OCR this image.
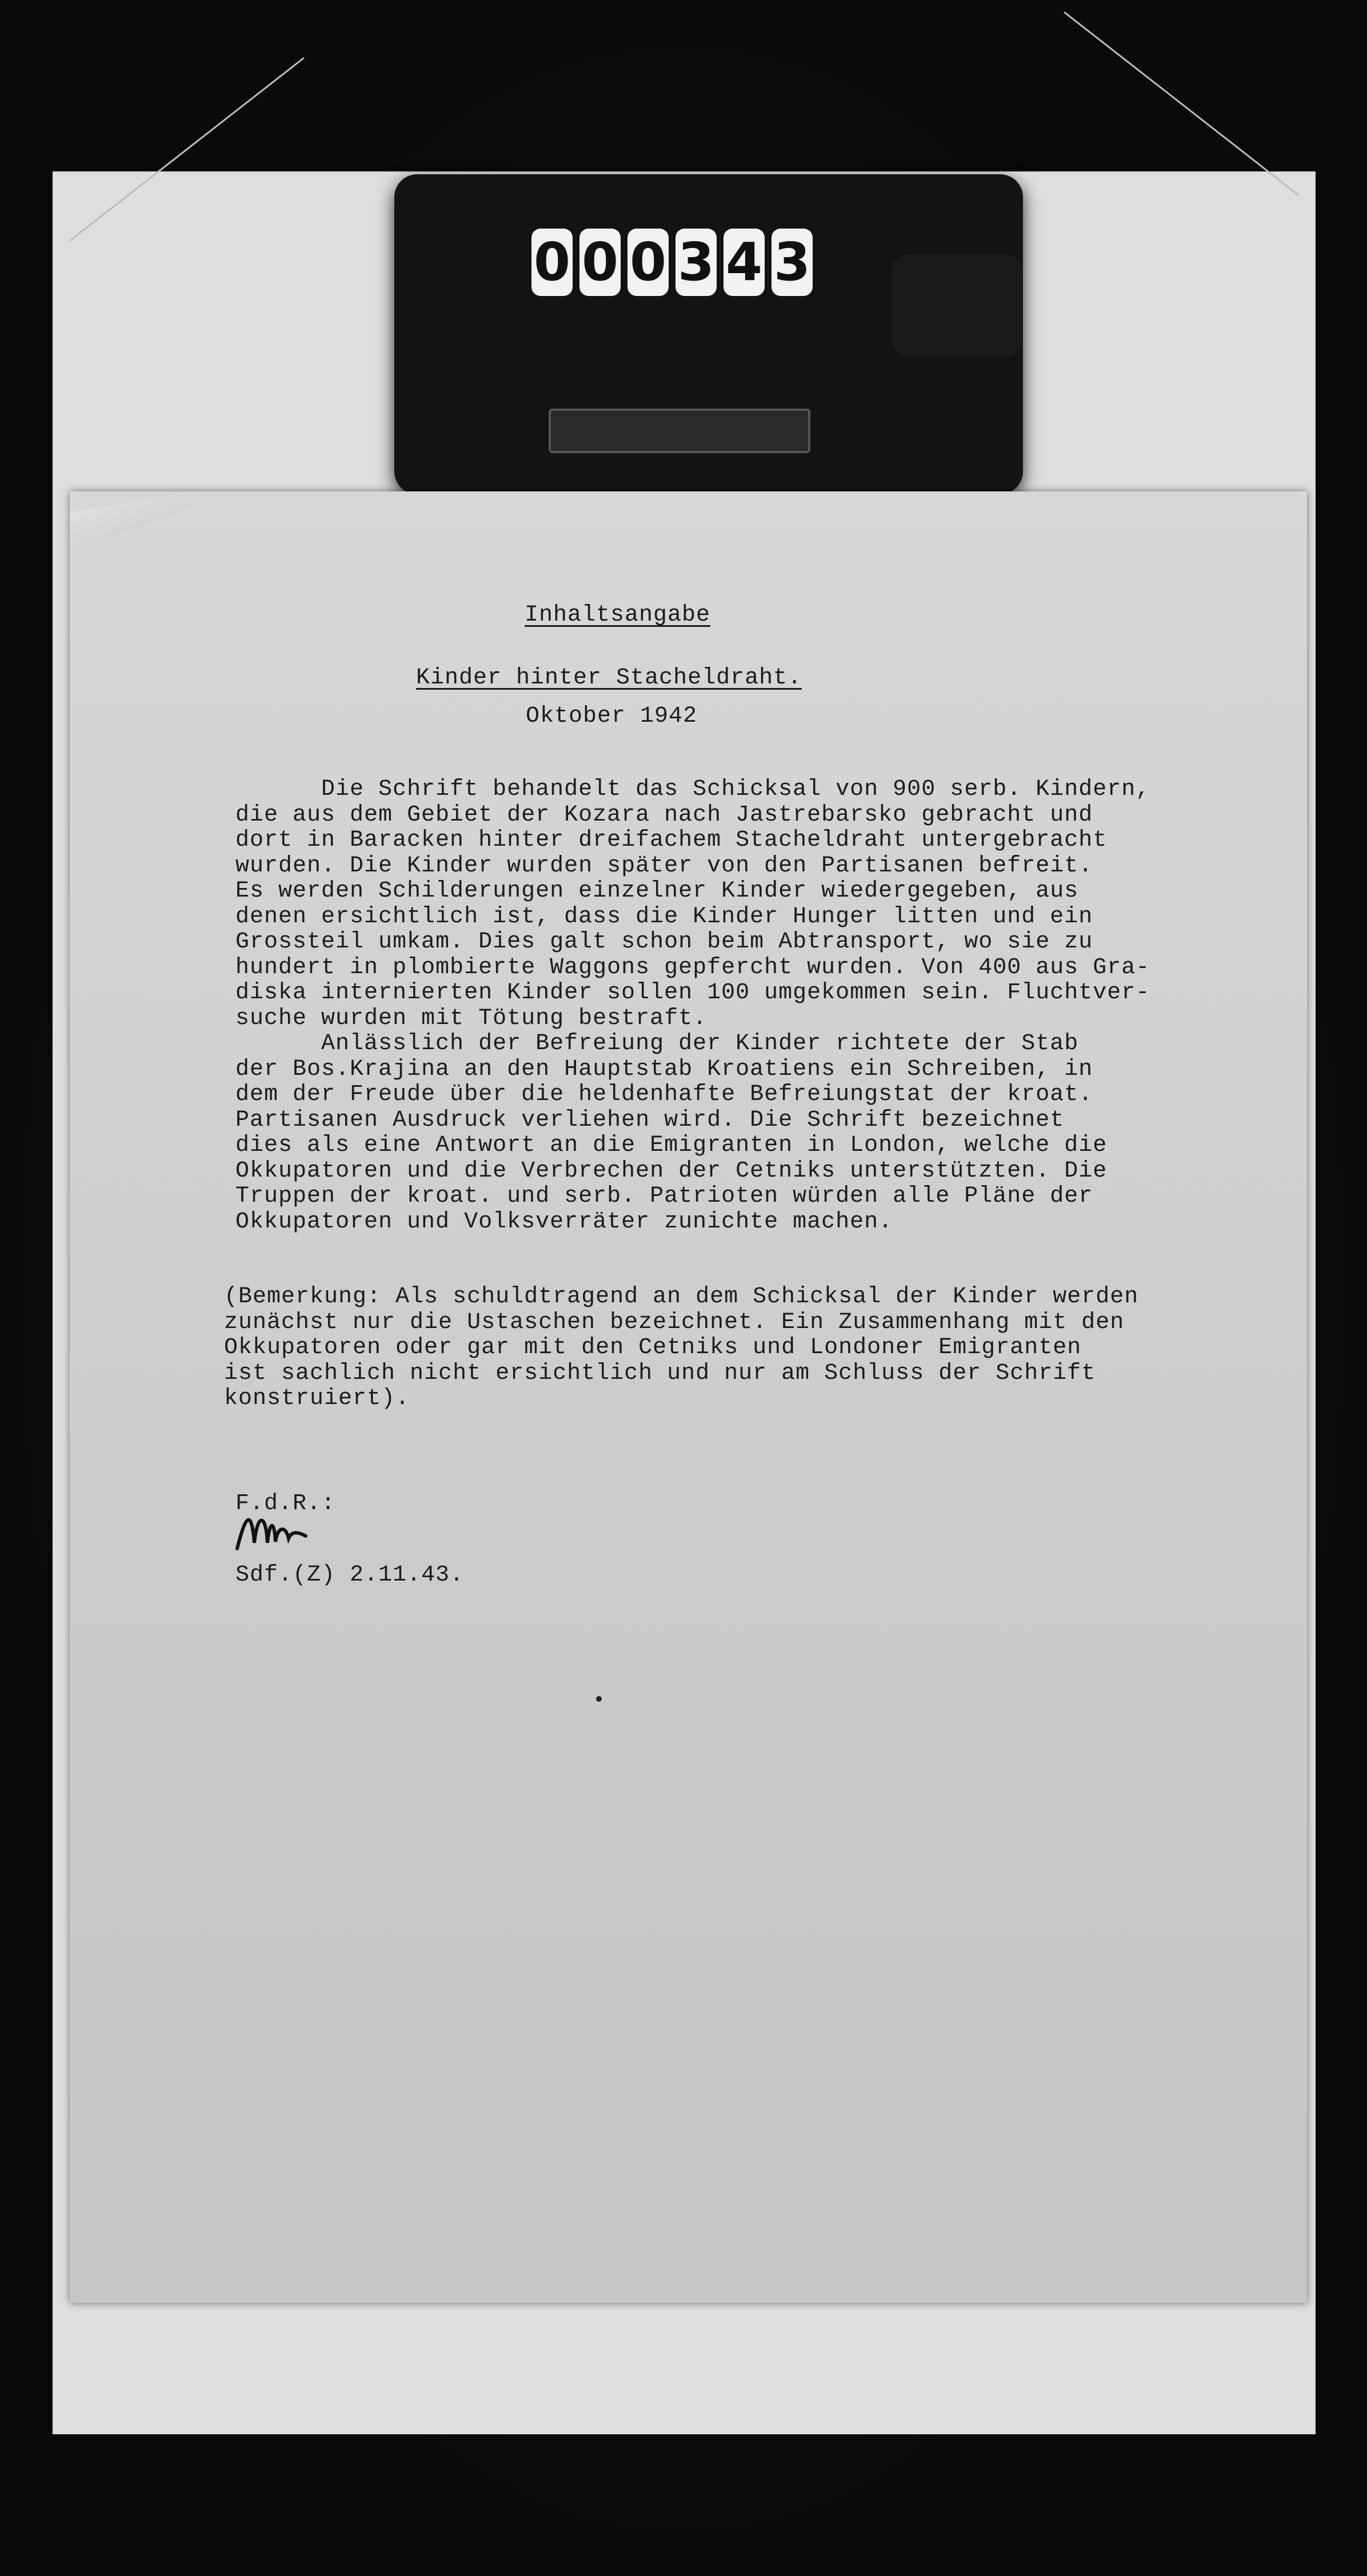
0 0 0 3 4 3
Inhaltsangabe
Kinder hinter Stacheldraht.
Oktober 1942
Die Schrift behandelt das Schicksal von 900 serb. Kindern,
die aus dem Gebiet der Kozara nach Jastrebarsko gebracht und
dort in Baracken hinter dreifachem Stacheldraht untergebracht
wurden. Die Kinder wurden später von den Partisanen befreit.
Es werden Schilderungen einzelner Kinder wiedergegeben, aus
denen ersichtlich ist, dass die Kinder Hunger litten und ein
Grossteil umkam. Dies galt schon beim Abtransport, wo sie zu
hundert in plombierte Waggons gepfercht wurden. Von 400 aus Gra-
diska internierten Kinder sollen 100 umgekommen sein. Fluchtver-
suche wurden mit Tötung bestraft.
Anlässlich der Befreiung der Kinder richtete der Stab
der Bos.Krajina an den Hauptstab Kroatiens ein Schreiben, in
dem der Freude über die heldenhafte Befreiungstat der kroat.
Partisanen Ausdruck verliehen wird. Die Schrift bezeichnet
dies als eine Antwort an die Emigranten in London, welche die
Okkupatoren und die Verbrechen der Cetniks unterstützten. Die
Truppen der kroat. und serb. Patrioten würden alle Pläne der
Okkupatoren und Volksverräter zunichte machen.
(Bemerkung: Als schuldtragend an dem Schicksal der Kinder werden
zunächst nur die Ustaschen bezeichnet. Ein Zusammenhang mit den
Okkupatoren oder gar mit den Cetniks und Londoner Emigranten
ist sachlich nicht ersichtlich und nur am Schluss der Schrift
konstruiert).
F.d.R.:
Sdf.(Z) 2.11.43.
